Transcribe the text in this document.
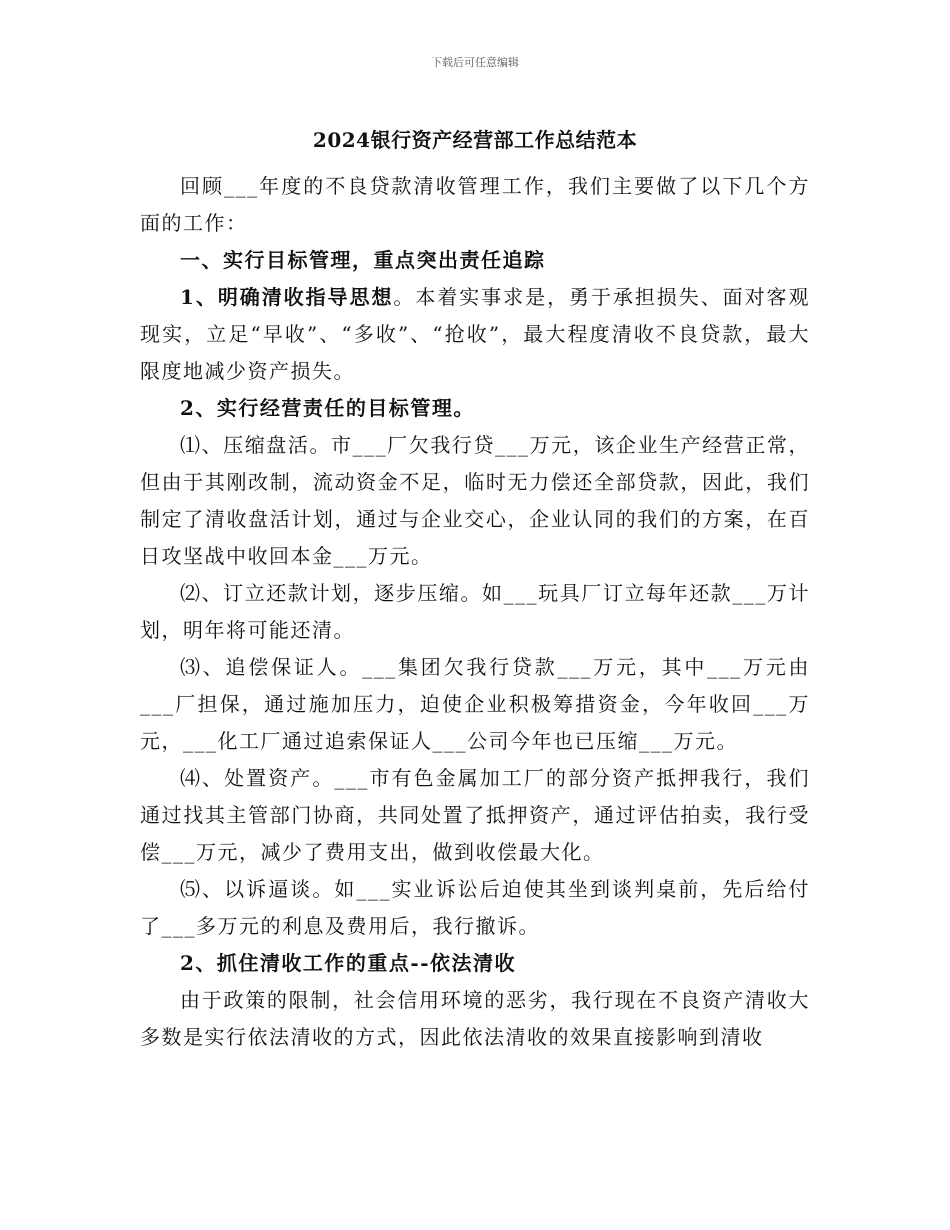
下载后可任意编辑
2024银行资产经营部工作总结范本

回顾___年度的不良贷款清收管理工作，我们主要做了以下几个方面的工作：

一、实行目标管理，重点突出责任追踪

1、明确清收指导思想。本着实事求是，勇于承担损失、面对客观现实，立足“早收”、“多收”、“抢收”，最大程度清收不良贷款，最大限度地减少资产损失。

2、实行经营责任的目标管理。

⑴、压缩盘活。市___厂欠我行贷___万元，该企业生产经营正常，但由于其刚改制，流动资金不足，临时无力偿还全部贷款，因此，我们制定了清收盘活计划，通过与企业交心，企业认同的我们的方案，在百日攻坚战中收回本金___万元。

⑵、订立还款计划，逐步压缩。如___玩具厂订立每年还款___万计划，明年将可能还清。

⑶、追偿保证人。___集团欠我行贷款___万元，其中___万元由___厂担保，通过施加压力，迫使企业积极筹措资金，今年收回___万元，___化工厂通过追索保证人___公司今年也已压缩___万元。

⑷、处置资产。___市有色金属加工厂的部分资产抵押我行，我们通过找其主管部门协商，共同处置了抵押资产，通过评估拍卖，我行受偿___万元，减少了费用支出，做到收偿最大化。

⑸、以诉逼谈。如___实业诉讼后迫使其坐到谈判桌前，先后给付了___多万元的利息及费用后，我行撤诉。

2、抓住清收工作的重点--依法清收

由于政策的限制，社会信用环境的恶劣，我行现在不良资产清收大多数是实行依法清收的方式，因此依法清收的效果直接影响到清收
